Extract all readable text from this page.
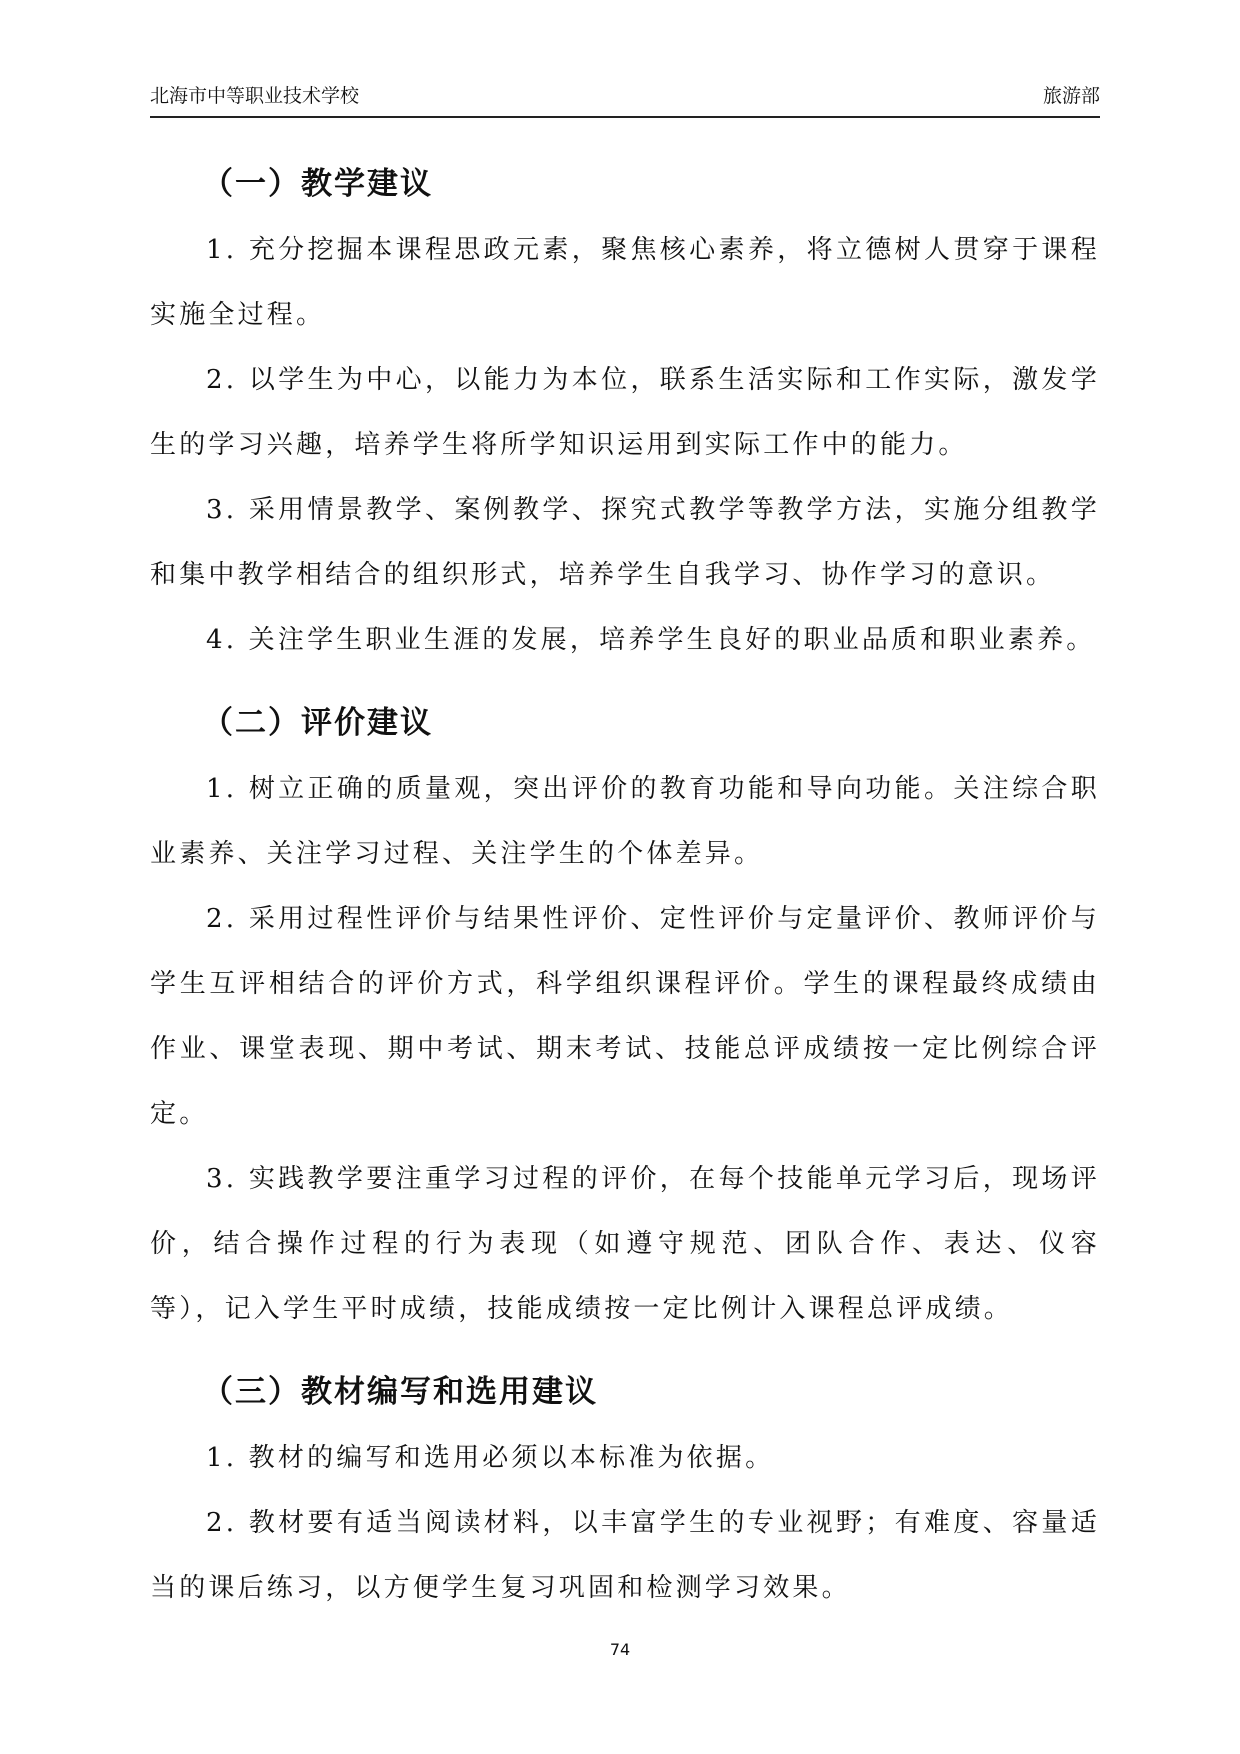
北海市中等职业技术学校	旅游部
（一）教学建议

1. 充分挖掘本课程思政元素，聚焦核心素养，将立德树人贯穿于课程实施全过程。

2. 以学生为中心，以能力为本位，联系生活实际和工作实际，激发学生的学习兴趣，培养学生将所学知识运用到实际工作中的能力。

3. 采用情景教学、案例教学、探究式教学等教学方法，实施分组教学和集中教学相结合的组织形式，培养学生自我学习、协作学习的意识。

4. 关注学生职业生涯的发展，培养学生良好的职业品质和职业素养。

（二）评价建议

1. 树立正确的质量观，突出评价的教育功能和导向功能。关注综合职业素养、关注学习过程、关注学生的个体差异。

2. 采用过程性评价与结果性评价、定性评价与定量评价、教师评价与学生互评相结合的评价方式，科学组织课程评价。学生的课程最终成绩由作业、课堂表现、期中考试、期末考试、技能总评成绩按一定比例综合评定。

3. 实践教学要注重学习过程的评价，在每个技能单元学习后，现场评价，结合操作过程的行为表现（如遵守规范、团队合作、表达、仪容等），记入学生平时成绩，技能成绩按一定比例计入课程总评成绩。

（三）教材编写和选用建议

1. 教材的编写和选用必须以本标准为依据。

2. 教材要有适当阅读材料，以丰富学生的专业视野；有难度、容量适当的课后练习，以方便学生复习巩固和检测学习效果。

74
